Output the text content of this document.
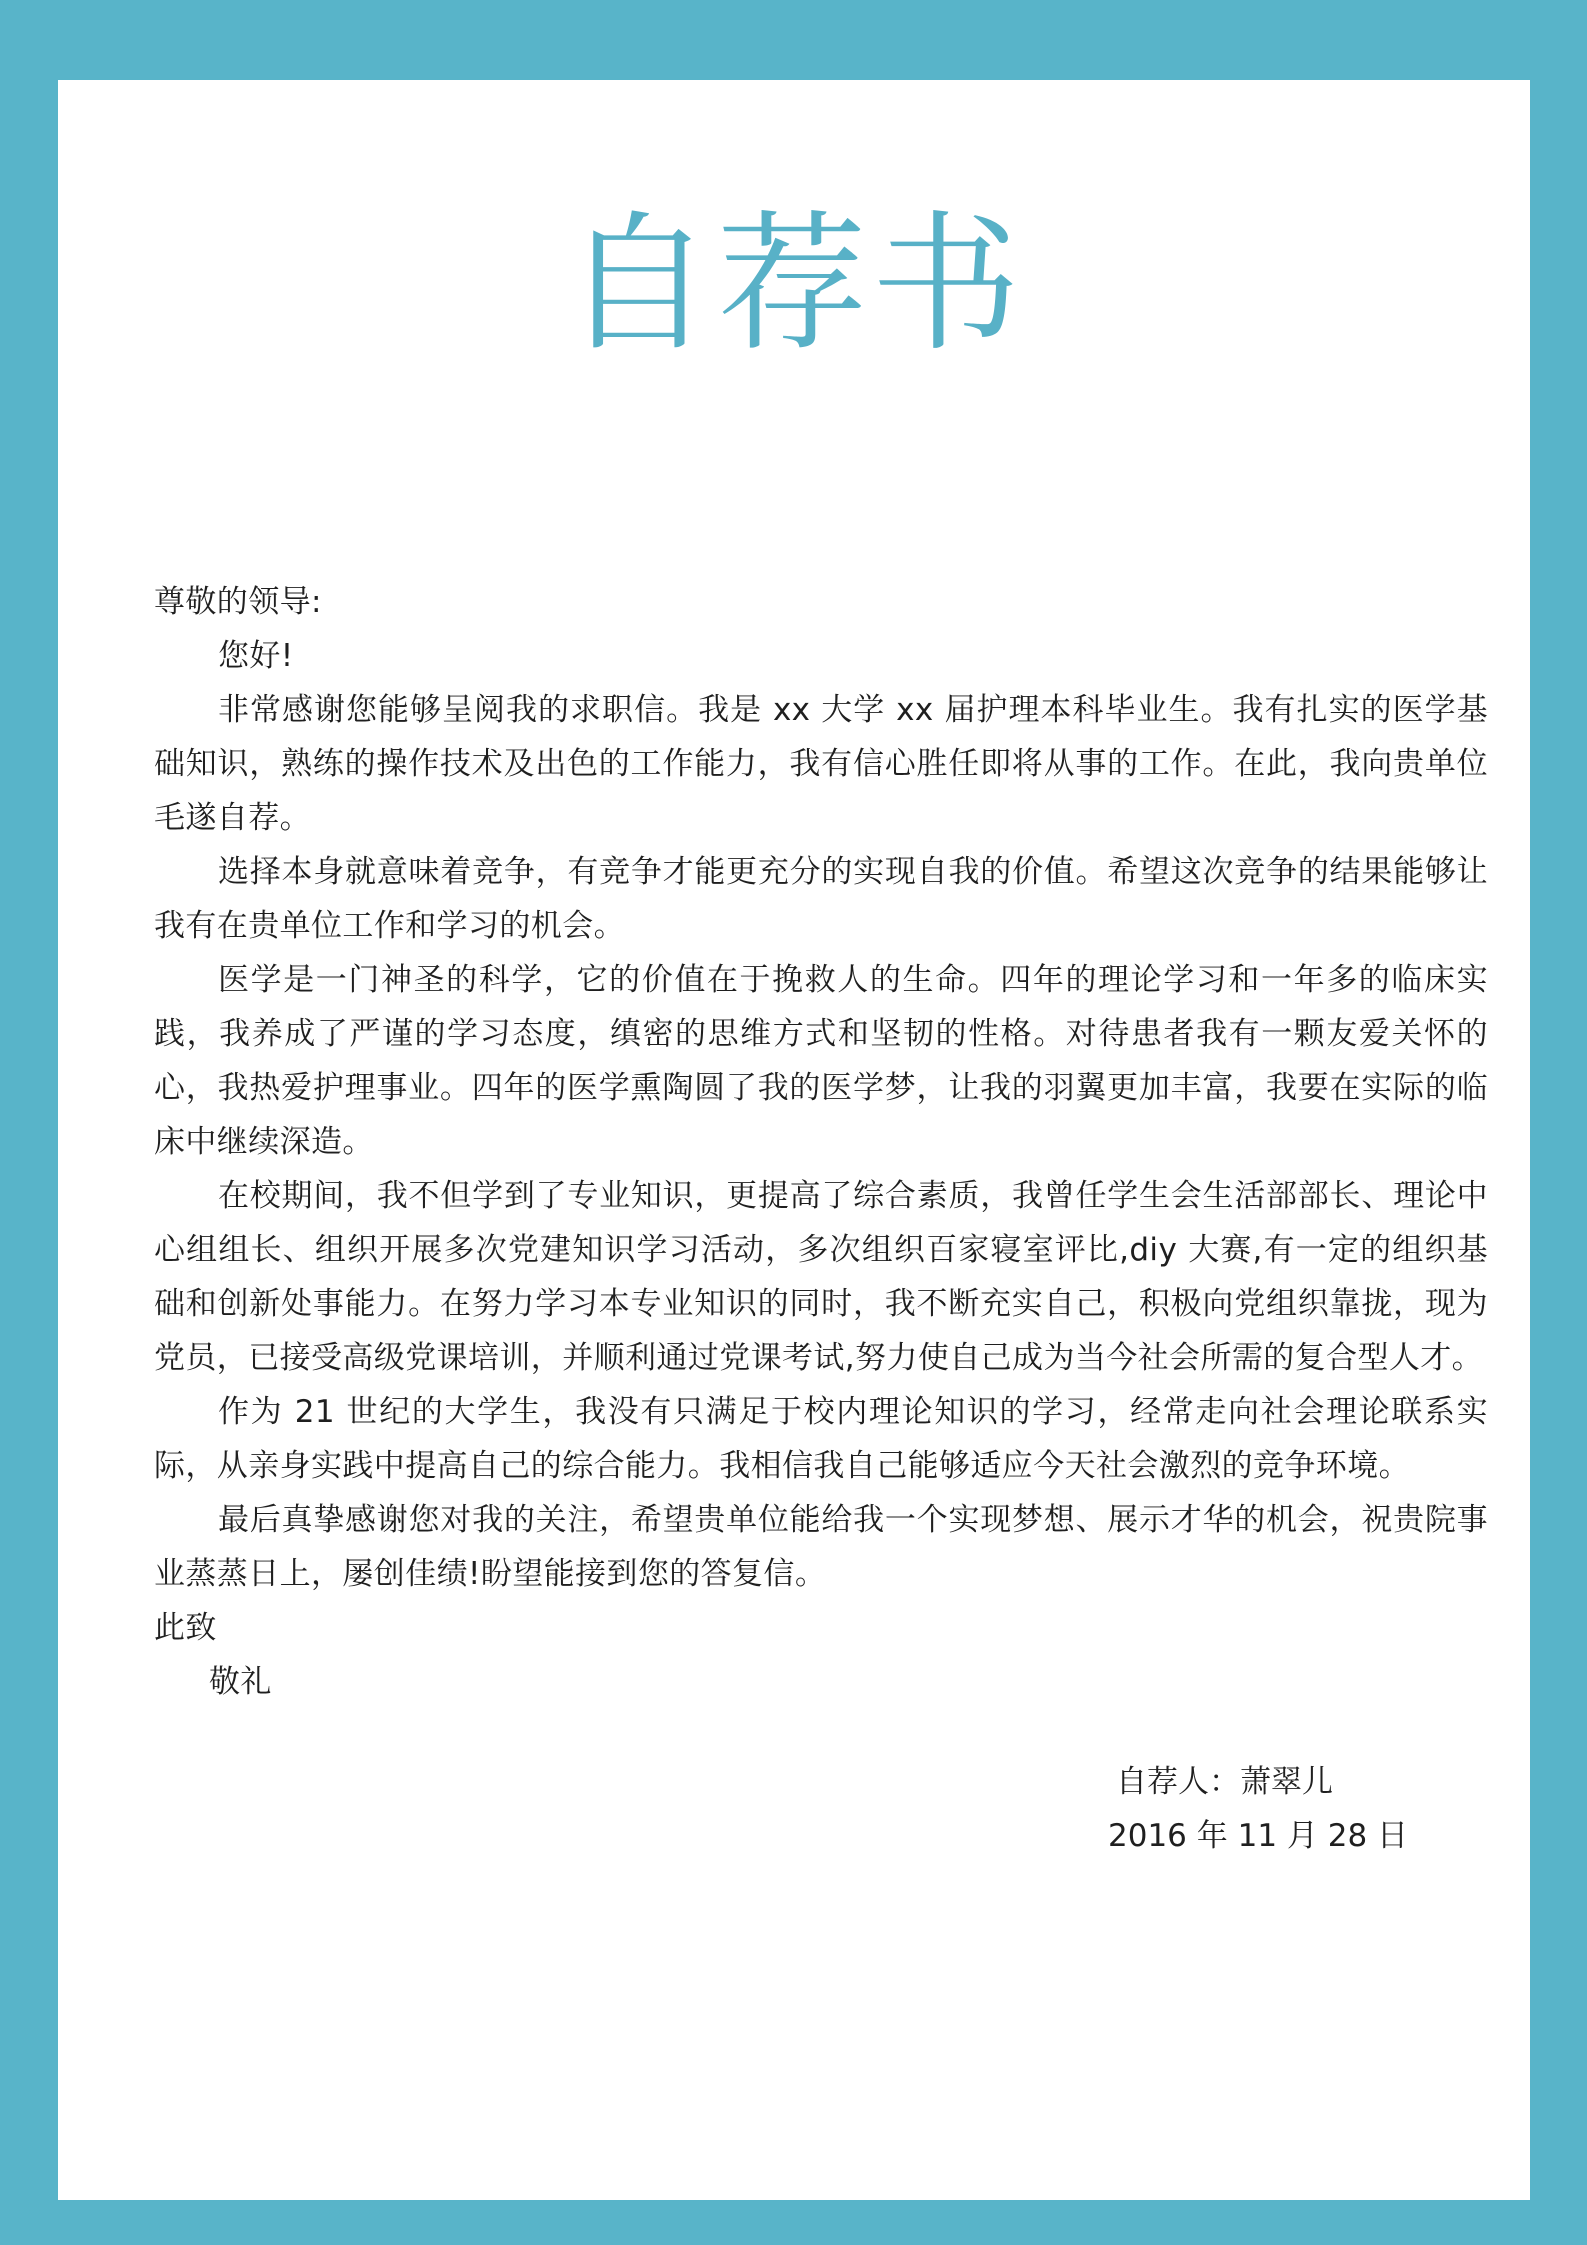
自荐书

尊敬的领导:

您好!

非常感谢您能够呈阅我的求职信。我是 xx 大学 xx 届护理本科毕业生。我有扎实的医学基础知识，熟练的操作技术及出色的工作能力，我有信心胜任即将从事的工作。在此，我向贵单位毛遂自荐。

选择本身就意味着竞争，有竞争才能更充分的实现自我的价值。希望这次竞争的结果能够让我有在贵单位工作和学习的机会。

医学是一门神圣的科学，它的价值在于挽救人的生命。四年的理论学习和一年多的临床实践，我养成了严谨的学习态度，缜密的思维方式和坚韧的性格。对待患者我有一颗友爱关怀的心，我热爱护理事业。四年的医学熏陶圆了我的医学梦，让我的羽翼更加丰富，我要在实际的临床中继续深造。

在校期间，我不但学到了专业知识，更提高了综合素质，我曾任学生会生活部部长、理论中心组组长、组织开展多次党建知识学习活动，多次组织百家寝室评比,diy 大赛,有一定的组织基础和创新处事能力。在努力学习本专业知识的同时，我不断充实自己，积极向党组织靠拢，现为党员，已接受高级党课培训，并顺利通过党课考试,努力使自己成为当今社会所需的复合型人才。

作为 21 世纪的大学生，我没有只满足于校内理论知识的学习，经常走向社会理论联系实际，从亲身实践中提高自己的综合能力。我相信我自己能够适应今天社会激烈的竞争环境。

最后真挚感谢您对我的关注，希望贵单位能给我一个实现梦想、展示才华的机会，祝贵院事业蒸蒸日上，屡创佳绩!盼望能接到您的答复信。

此致

敬礼

自荐人：萧翠儿
2016 年 11 月 28 日
